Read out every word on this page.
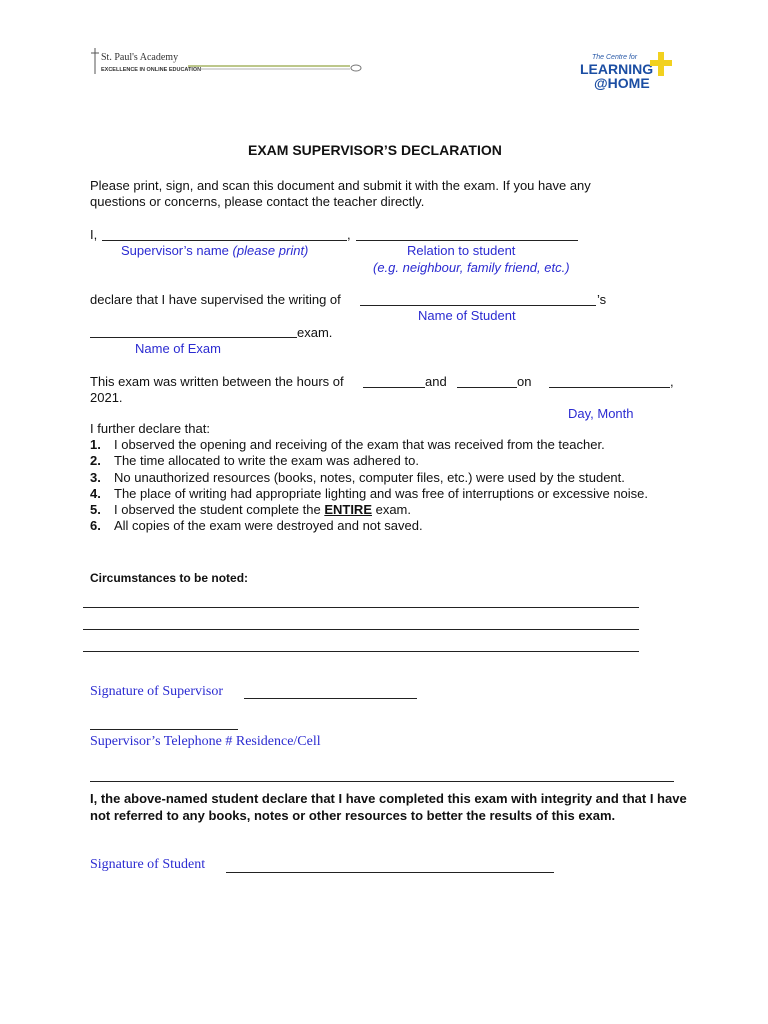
St. Paul's Academy
EXCELLENCE IN ONLINE EDUCATION
The Centre for
LEARNING
@HOME
EXAM SUPERVISOR’S DECLARATION
Please print, sign, and scan this document and submit it with the exam. If you have any
questions or concerns, please contact the teacher directly.
I,	,
Supervisor’s name (please print)	Relation to student
(e.g. neighbour, family friend, etc.)
declare that I have supervised the writing of	’s
Name of Student
exam.
Name of Exam
This exam was written between the hours of	and	on	,
2021.
Day, Month
I further declare that:
1.	I observed the opening and receiving of the exam that was received from the teacher.
2.	The time allocated to write the exam was adhered to.
3.	No unauthorized resources (books, notes, computer files, etc.) were used by the student.
4.	The place of writing had appropriate lighting and was free of interruptions or excessive noise.
5.	I observed the student complete the ENTIRE exam.
6.	All copies of the exam were destroyed and not saved.
Circumstances to be noted:
Signature of Supervisor
Supervisor’s Telephone # Residence/Cell
I, the above-named student declare that I have completed this exam with integrity and that I have not referred to any books, notes or other resources to better the results of this exam.
Signature of Student
